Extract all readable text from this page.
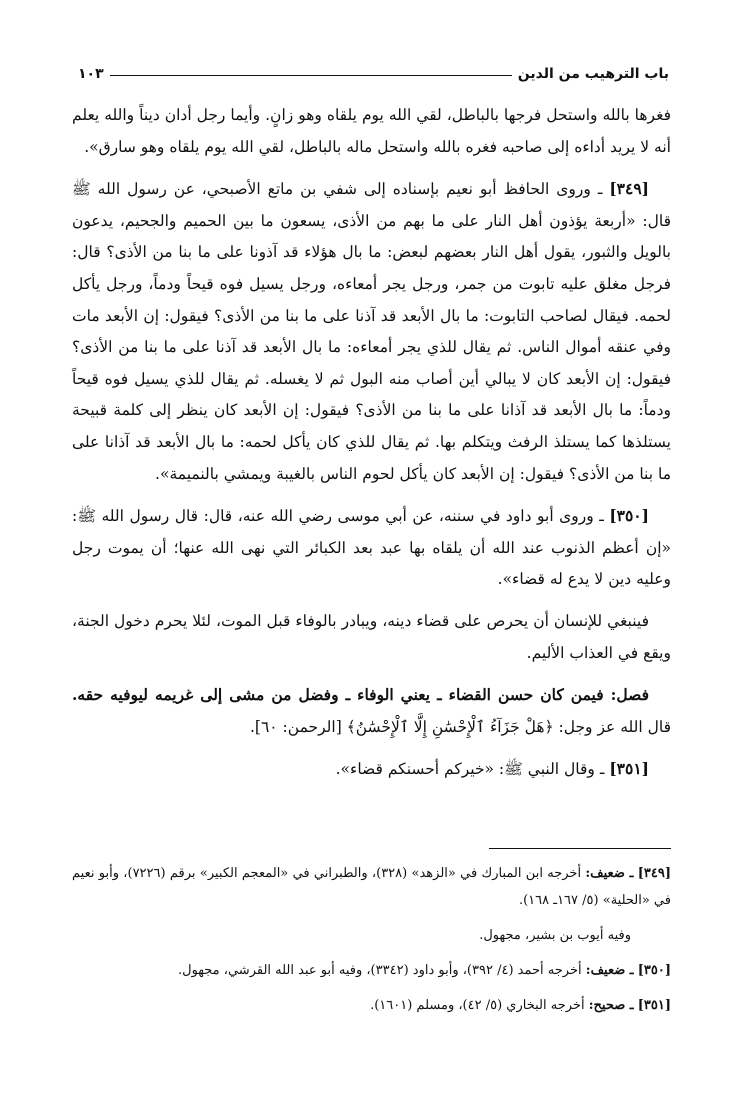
باب الترهيب من الدين
١٠٣

فغرها بالله واستحل فرجها بالباطل، لقي الله يوم يلقاه وهو زانٍ. وأيما رجل أدان ديناً والله يعلم أنه لا يريد أداءه إلى صاحبه فغره بالله واستحل ماله بالباطل، لقي الله يوم يلقاه وهو سارق».

[٣٤٩] ـ وروى الحافظ أبو نعيم بإسناده إلى شفي بن ماتع الأصبحي، عن رسول الله ﷺ قال: «أربعة يؤذون أهل النار على ما بهم من الأذى، يسعون ما بين الحميم والجحيم، يدعون بالويل والثبور، يقول أهل النار بعضهم لبعض: ما بال هؤلاء قد آذونا على ما بنا من الأذى؟ قال: فرجل مغلق عليه تابوت من جمر، ورجل يجر أمعاءه، ورجل يسيل فوه قيحاً ودماً، ورجل يأكل لحمه. فيقال لصاحب التابوت: ما بال الأبعد قد آذنا على ما بنا من الأذى؟ فيقول: إن الأبعد مات وفي عنقه أموال الناس. ثم يقال للذي يجر أمعاءه: ما بال الأبعد قد آذنا على ما بنا من الأذى؟ فيقول: إن الأبعد كان لا يبالي أين أصاب منه البول ثم لا يغسله. ثم يقال للذي يسيل فوه قيحاً ودماً: ما بال الأبعد قد آذانا على ما بنا من الأذى؟ فيقول: إن الأبعد كان ينظر إلى كلمة قبيحة يستلذها كما يستلذ الرفث ويتكلم بها. ثم يقال للذي كان يأكل لحمه: ما بال الأبعد قد آذانا على ما بنا من الأذى؟ فيقول: إن الأبعد كان يأكل لحوم الناس بالغيبة ويمشي بالنميمة».

[٣٥٠] ـ وروى أبو داود في سننه، عن أبي موسى رضي الله عنه، قال: قال رسول الله ﷺ: «إن أعظم الذنوب عند الله أن يلقاه بها عبد بعد الكبائر التي نهى الله عنها؛ أن يموت رجل وعليه دين لا يدع له قضاء».

فينبغي للإنسان أن يحرص على قضاء دينه، ويبادر بالوفاء قبل الموت، لئلا يحرم دخول الجنة، ويقع في العذاب الأليم.

فصل: فيمن كان حسن القضاء ـ يعني الوفاء ـ وفضل من مشى إلى غريمه ليوفيه حقه. قال الله عز وجل: ﴿هَلْ جَزَآءُ ٱلْإِحْسَٰنِ إِلَّا ٱلْإِحْسَٰنُ﴾ [الرحمن: ٦٠].

[٣٥١] ـ وقال النبي ﷺ: «خيركم أحسنكم قضاء».

[٣٤٩] ـ ضعيف: أخرجه ابن المبارك في «الزهد» (٣٢٨)، والطبراني في «المعجم الكبير» برقم (٧٢٢٦)، وأبو نعيم في «الحلية» (٥/ ١٦٧ـ ١٦٨).

وفيه أيوب بن بشير، مجهول.

[٣٥٠] ـ ضعيف: أخرجه أحمد (٤/ ٣٩٢)، وأبو داود (٣٣٤٢)، وفيه أبو عبد الله القرشي، مجهول.

[٣٥١] ـ صحيح: أخرجه البخاري (٥/ ٤٢)، ومسلم (١٦٠١).
